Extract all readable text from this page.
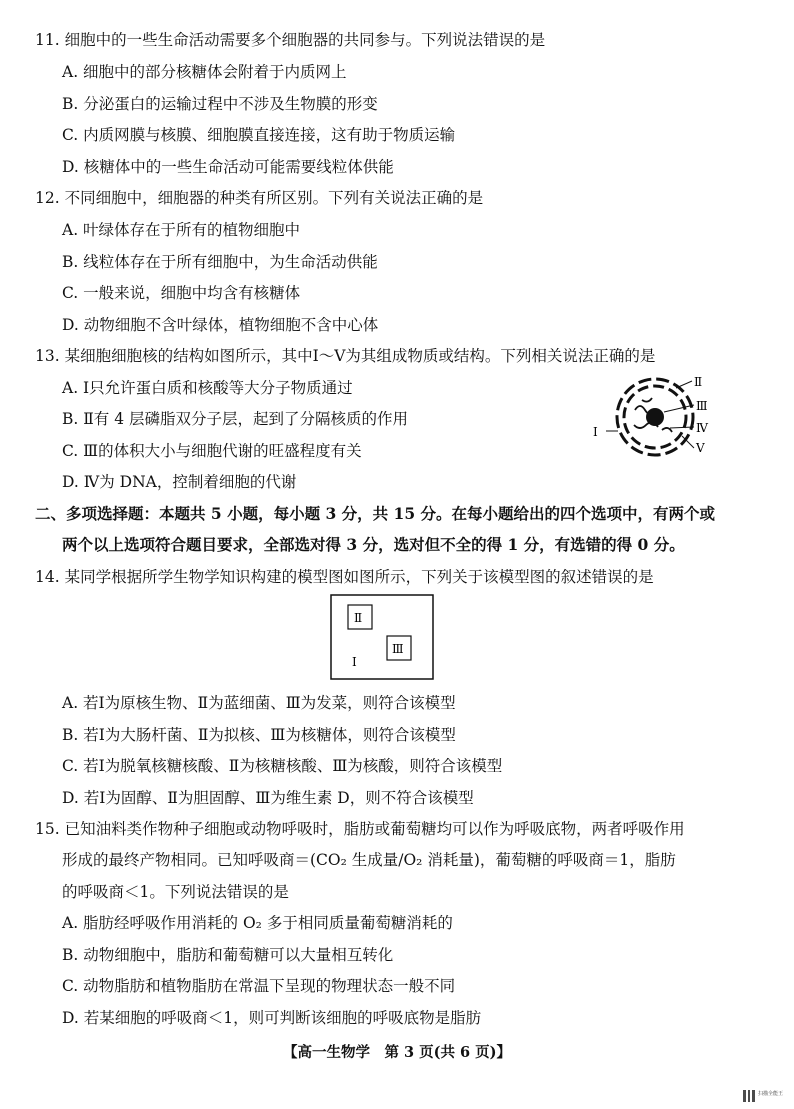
11. 细胞中的一些生命活动需要多个细胞器的共同参与。下列说法错误的是
A. 细胞中的部分核糖体会附着于内质网上
B. 分泌蛋白的运输过程中不涉及生物膜的形变
C. 内质网膜与核膜、细胞膜直接连接，这有助于物质运输
D. 核糖体中的一些生命活动可能需要线粒体供能
12. 不同细胞中，细胞器的种类有所区别。下列有关说法正确的是
A. 叶绿体存在于所有的植物细胞中
B. 线粒体存在于所有细胞中，为生命活动供能
C. 一般来说，细胞中均含有核糖体
D. 动物细胞不含叶绿体，植物细胞不含中心体
13. 某细胞细胞核的结构如图所示，其中Ⅰ～Ⅴ为其组成物质或结构。下列相关说法正确的是
A. Ⅰ只允许蛋白质和核酸等大分子物质通过
B. Ⅱ有 4 层磷脂双分子层，起到了分隔核质的作用
C. Ⅲ的体积大小与细胞代谢的旺盛程度有关
D. Ⅳ为 DNA，控制着细胞的代谢
Ⅰ
Ⅱ
Ⅲ
Ⅳ
Ⅴ
二、多项选择题：本题共 5 小题，每小题 3 分，共 15 分。在每小题给出的四个选项中，有两个或
两个以上选项符合题目要求，全部选对得 3 分，选对但不全的得 1 分，有选错的得 0 分。
14. 某同学根据所学生物学知识构建的模型图如图所示，下列关于该模型图的叙述错误的是
Ⅱ
Ⅲ
Ⅰ
A. 若Ⅰ为原核生物、Ⅱ为蓝细菌、Ⅲ为发菜，则符合该模型
B. 若Ⅰ为大肠杆菌、Ⅱ为拟核、Ⅲ为核糖体，则符合该模型
C. 若Ⅰ为脱氧核糖核酸、Ⅱ为核糖核酸、Ⅲ为核酸，则符合该模型
D. 若Ⅰ为固醇、Ⅱ为胆固醇、Ⅲ为维生素 D，则不符合该模型
15. 已知油料类作物种子细胞或动物呼吸时，脂肪或葡萄糖均可以作为呼吸底物，两者呼吸作用
形成的最终产物相同。已知呼吸商＝(CO₂ 生成量/O₂ 消耗量)，葡萄糖的呼吸商＝1，脂肪
的呼吸商＜1。下列说法错误的是
A. 脂肪经呼吸作用消耗的 O₂ 多于相同质量葡萄糖消耗的
B. 动物细胞中，脂肪和葡萄糖可以大量相互转化
C. 动物脂肪和植物脂肪在常温下呈现的物理状态一般不同
D. 若某细胞的呼吸商＜1，则可判断该细胞的呼吸底物是脂肪
【高一生物学　第 3 页(共 6 页)】
扫描全能王
